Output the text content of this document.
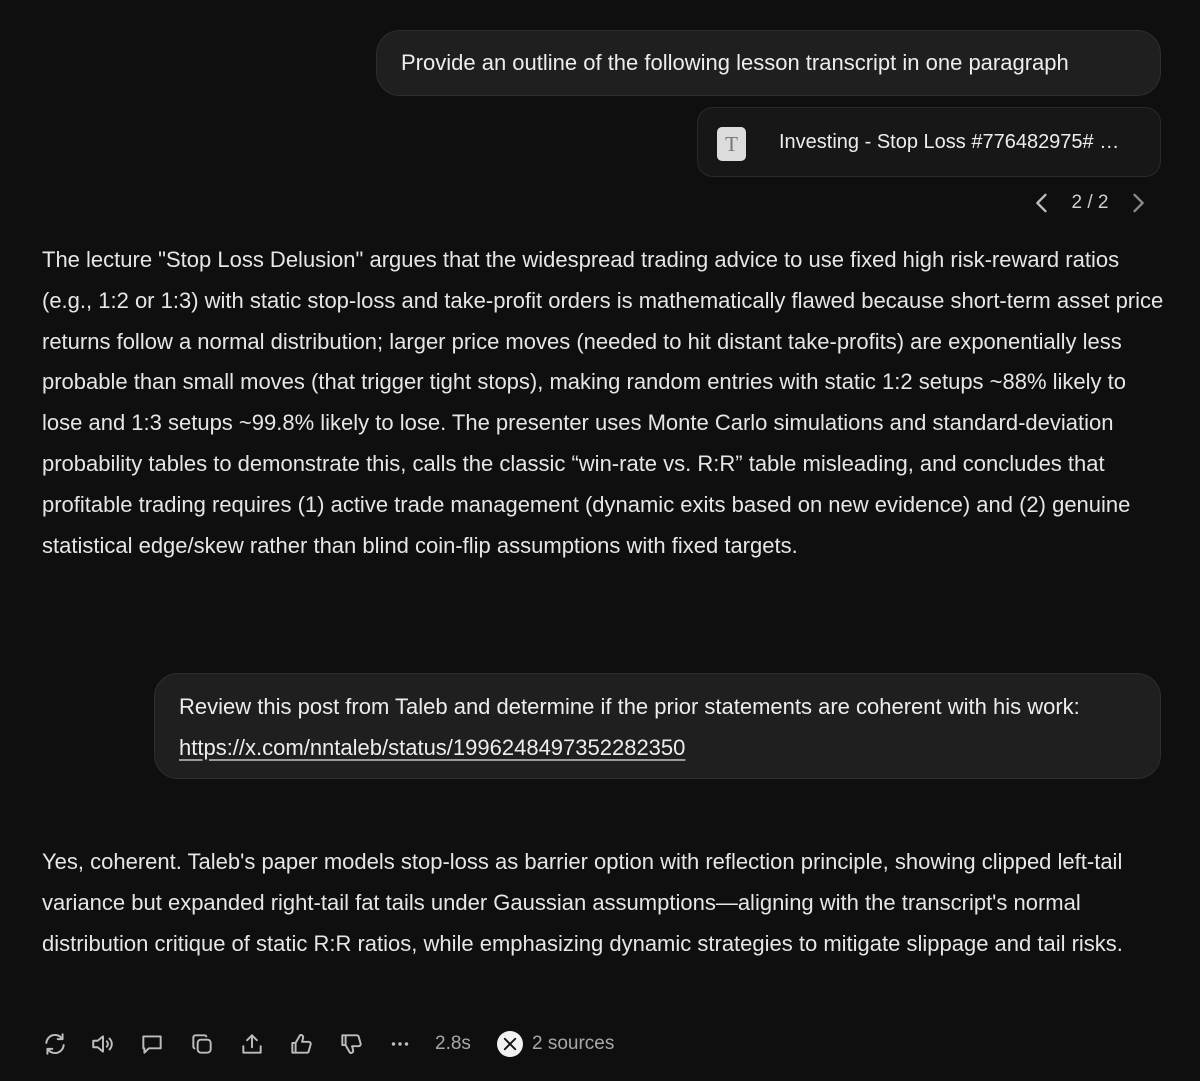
Provide an outline of the following lesson transcript in one paragraph
T	Investing - Stop Loss #776482975# …
2 / 2

The lecture "Stop Loss Delusion" argues that the widespread trading advice to use fixed high risk-reward ratios (e.g., 1:2 or 1:3) with static stop-loss and take-profit orders is mathematically flawed because short-term asset price returns follow a normal distribution; larger price moves (needed to hit distant take-profits) are exponentially less probable than small moves (that trigger tight stops), making random entries with static 1:2 setups ~88% likely to lose and 1:3 setups ~99.8% likely to lose. The presenter uses Monte Carlo simulations and standard-deviation probability tables to demonstrate this, calls the classic “win-rate vs. R:R” table misleading, and concludes that profitable trading requires (1) active trade management (dynamic exits based on new evidence) and (2) genuine statistical edge/skew rather than blind coin-flip assumptions with fixed targets.

Review this post from Taleb and determine if the prior statements are coherent with his work: https://x.com/nntaleb/status/1996248497352282350

Yes, coherent. Taleb's paper models stop-loss as barrier option with reflection principle, showing clipped left-tail variance but expanded right-tail fat tails under Gaussian assumptions—aligning with the transcript's normal distribution critique of static R:R ratios, while emphasizing dynamic strategies to mitigate slippage and tail risks.

2.8s	2 sources
